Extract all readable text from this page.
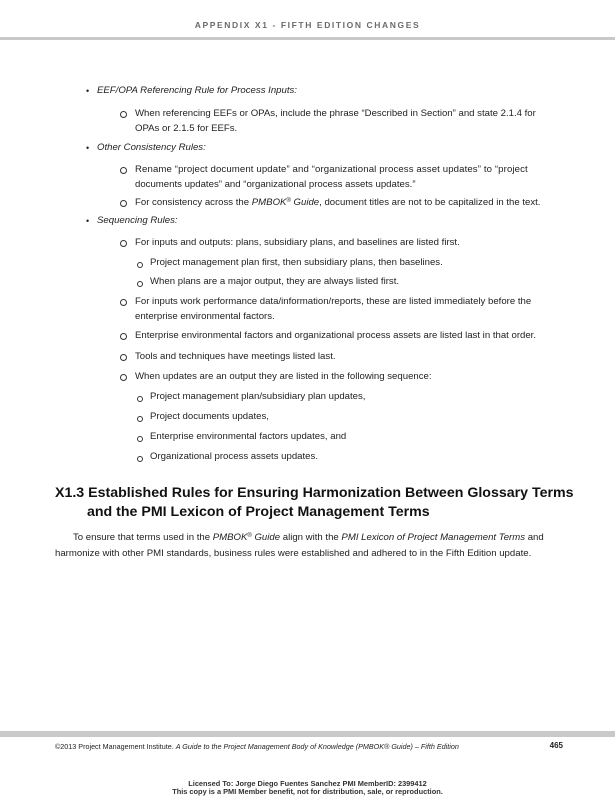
APPENDIX X1 - FIFTH EDITION CHANGES
• EEF/OPA Referencing Rule for Process Inputs:
When referencing EEFs or OPAs, include the phrase “Described in Section” and state 2.1.4 for
OPAs or 2.1.5 for EEFs.
• Other Consistency Rules:
Rename “project document update” and “organizational process asset updates” to “project
documents updates” and “organizational process assets updates.”
For consistency across the PMBOK® Guide, document titles are not to be capitalized in the text.
• Sequencing Rules:
For inputs and outputs: plans, subsidiary plans, and baselines are listed first.
Project management plan first, then subsidiary plans, then baselines.
When plans are a major output, they are always listed first.
For inputs work performance data/information/reports, these are listed immediately before the
enterprise environmental factors.
Enterprise environmental factors and organizational process assets are listed last in that order.
Tools and techniques have meetings listed last.
When updates are an output they are listed in the following sequence:
Project management plan/subsidiary plan updates,
Project documents updates,
Enterprise environmental factors updates, and
Organizational process assets updates.
X1.3 Established Rules for Ensuring Harmonization Between Glossary Terms
and the PMI Lexicon of Project Management Terms
To ensure that terms used in the PMBOK® Guide align with the PMI Lexicon of Project Management Terms and
harmonize with other PMI standards, business rules were established and adhered to in the Fifth Edition update.
©2013 Project Management Institute. A Guide to the Project Management Body of Knowledge (PMBOK® Guide) – Fifth Edition	465
Licensed To: Jorge Diego Fuentes Sanchez PMI MemberID: 2399412
This copy is a PMI Member benefit, not for distribution, sale, or reproduction.
